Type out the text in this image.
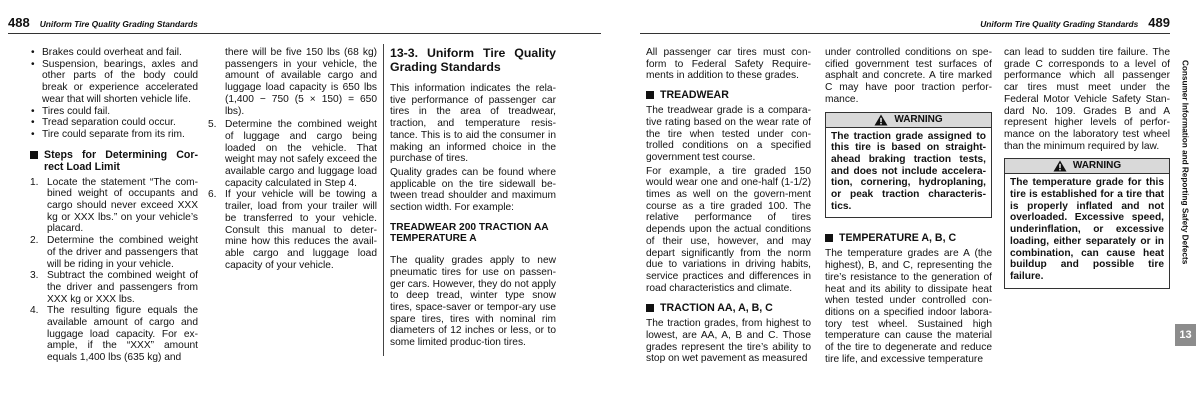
488 Uniform Tire Quality Grading Standards	Uniform Tire Quality Grading Standards 489
• Brakes could overheat and fail.
• Suspension, bearings, axles and other parts of the body could break or experience accelerated wear that will shorten vehicle life.
• Tires could fail.
• Tread separation could occur.
• Tire could separate from its rim.
Steps for Determining Cor-rect Load Limit
1. Locate the statement “The com-bined weight of occupants and cargo should never exceed XXX kg or XXX lbs.” on your vehicle’s placard.
2. Determine the combined weight of the driver and passengers that will be riding in your vehicle.
3. Subtract the combined weight of the driver and passengers from XXX kg or XXX lbs.
4. The resulting figure equals the available amount of cargo and luggage load capacity. For ex-ample, if the “XXX” amount equals 1,400 lbs (635 kg) and

there will be five 150 lbs (68 kg) passengers in your vehicle, the amount of available cargo and luggage load capacity is 650 lbs (1,400 − 750 (5 × 150) = 650 lbs).

5. Determine the combined weight of luggage and cargo being loaded on the vehicle. That weight may not safely exceed the available cargo and luggage load capacity calculated in Step 4.
6. If your vehicle will be towing a trailer, load from your trailer will be transferred to your vehicle. Consult this manual to deter-mine how this reduces the avail-able cargo and luggage load capacity of your vehicle.
13-3. Uniform Tire Quality Grading Standards

This information indicates the rela-tive performance of passenger car tires in the area of treadwear, traction, and temperature resis-tance. This is to aid the consumer in making an informed choice in the purchase of tires.

Quality grades can be found where applicable on the tire sidewall be-tween tread shoulder and maximum section width. For example:

TREADWEAR 200 TRACTION AA TEMPERATURE A

The quality grades apply to new pneumatic tires for use on passen-ger cars. However, they do not apply to deep tread, winter type snow tires, space-saver or tempor-ary use spare tires, tires with nominal rim diameters of 12 inches or less, or to some limited produc-tion tires.

All passenger car tires must con-form to Federal Safety Require-ments in addition to these grades.

TREADWEAR

The treadwear grade is a compara-tive rating based on the wear rate of the tire when tested under con-trolled conditions on a specified government test course.

For example, a tire graded 150 would wear one and one-half (1-1/2) times as well on the govern-ment course as a tire graded 100. The relative performance of tires depends upon the actual conditions of their use, however, and may depart significantly from the norm due to variations in driving habits, service practices and differences in road characteristics and climate.

TRACTION AA, A, B, C

The traction grades, from highest to lowest, are AA, A, B and C. Those grades represent the tire’s ability to stop on wet pavement as measured

under controlled conditions on spe-cified government test surfaces of asphalt and concrete. A tire marked C may have poor traction perfor-mance.

WARNING
The traction grade assigned to this tire is based on straight-ahead braking traction tests, and does not include accelera-tion, cornering, hydroplaning, or peak traction characteris-tics.
TEMPERATURE A, B, C

The temperature grades are A (the highest), B, and C, representing the tire’s resistance to the generation of heat and its ability to dissipate heat when tested under controlled con-ditions on a specified indoor labora-tory test wheel. Sustained high temperature can cause the material of the tire to degenerate and reduce tire life, and excessive temperature

can lead to sudden tire failure. The grade C corresponds to a level of performance which all passenger car tires must meet under the Federal Motor Vehicle Safety Stan-dard No. 109. Grades B and A represent higher levels of perfor-mance on the laboratory test wheel than the minimum required by law.

WARNING
The temperature grade for this tire is established for a tire that is properly inflated and not overloaded. Excessive speed, underinflation, or excessive loading, either separately or in combination, can cause heat buildup and possible tire failure.
Consumer Information and Reporting Safety Defects
13
